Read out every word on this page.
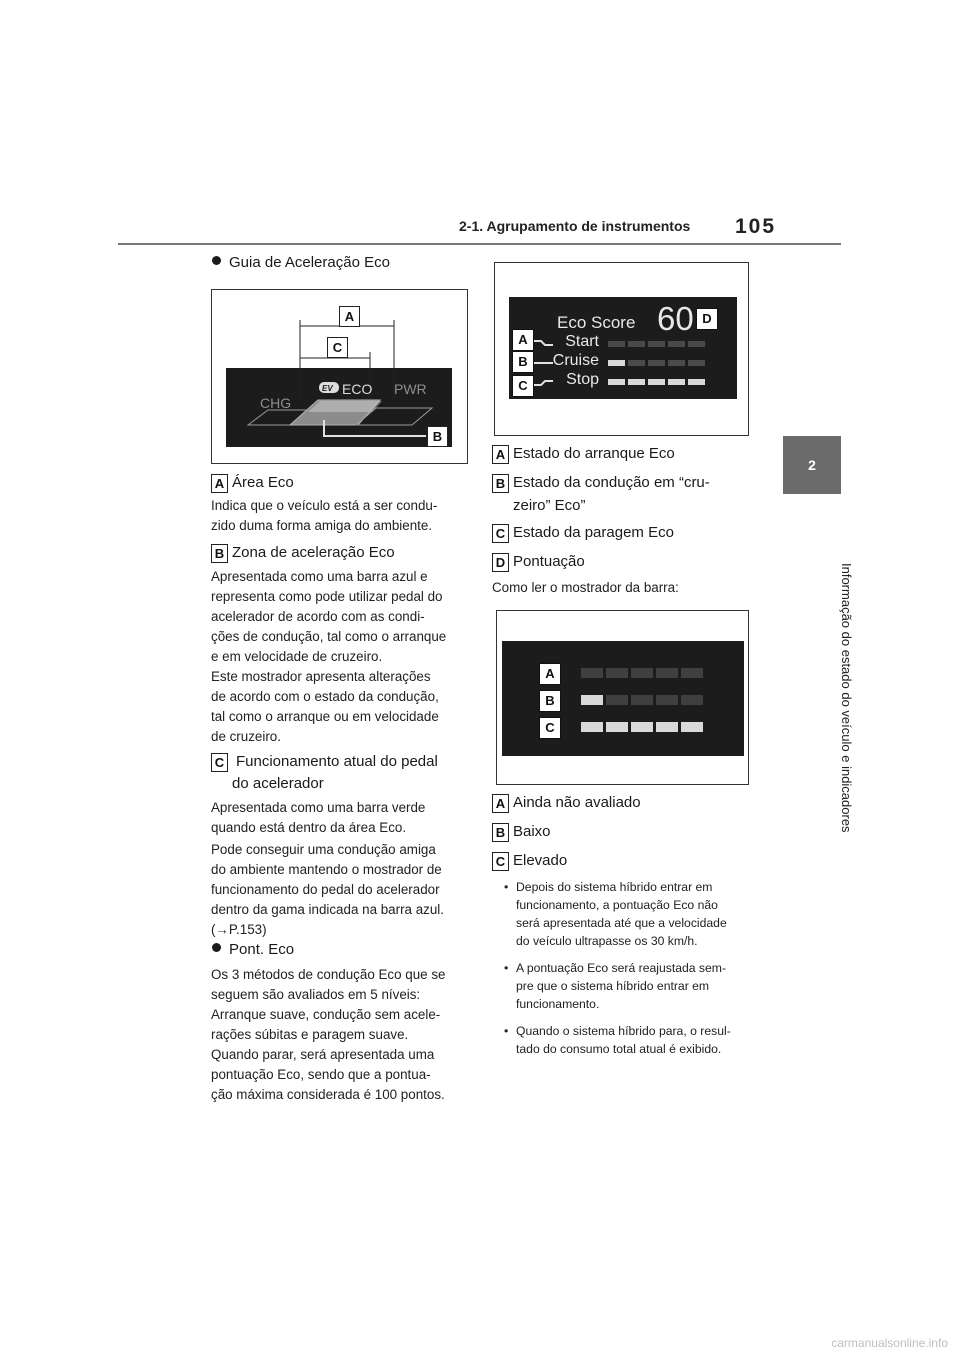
2-1. Agrupamento de instrumentos 105
2
Informação do estado do veículo e indicadores
Guia de Aceleração Eco
CHG
EV ECO PWR
A
C
B
A Área Eco
Indica que o veículo está a ser condu-
zido duma forma amiga do ambiente.
B Zona de aceleração Eco
Apresentada como uma barra azul e
representa como pode utilizar pedal do
acelerador de acordo com as condi-
ções de condução, tal como o arranque
e em velocidade de cruzeiro.
Este mostrador apresenta alterações
de acordo com o estado da condução,
tal como o arranque ou em velocidade
de cruzeiro.
C Funcionamento atual do pedal
do acelerador
Apresentada como uma barra verde
quando está dentro da área Eco.
Pode conseguir uma condução amiga
do ambiente mantendo o mostrador de
funcionamento do pedal do acelerador
dentro da gama indicada na barra azul.
(→P.153)
Pont. Eco
Os 3 métodos de condução Eco que se
seguem são avaliados em 5 níveis:
Arranque suave, condução sem acele-
rações súbitas e paragem suave.
Quando parar, será apresentada uma
pontuação Eco, sendo que a pontua-
ção máxima considerada é 100 pontos.
Eco Score 60
Start
Cruise
Stop
A
B
C
D
A Estado do arranque Eco
B Estado da condução em “cru-
zeiro” Eco”
C Estado da paragem Eco
D Pontuação
Como ler o mostrador da barra:
A
B
C
A Ainda não avaliado
B Baixo
C Elevado
• Depois do sistema híbrido entrar em
funcionamento, a pontuação Eco não
será apresentada até que a velocidade
do veículo ultrapasse os 30 km/h.
• A pontuação Eco será reajustada sem-
pre que o sistema híbrido entrar em
funcionamento.
• Quando o sistema híbrido para, o resul-
tado do consumo total atual é exibido.
carmanualsonline.info
